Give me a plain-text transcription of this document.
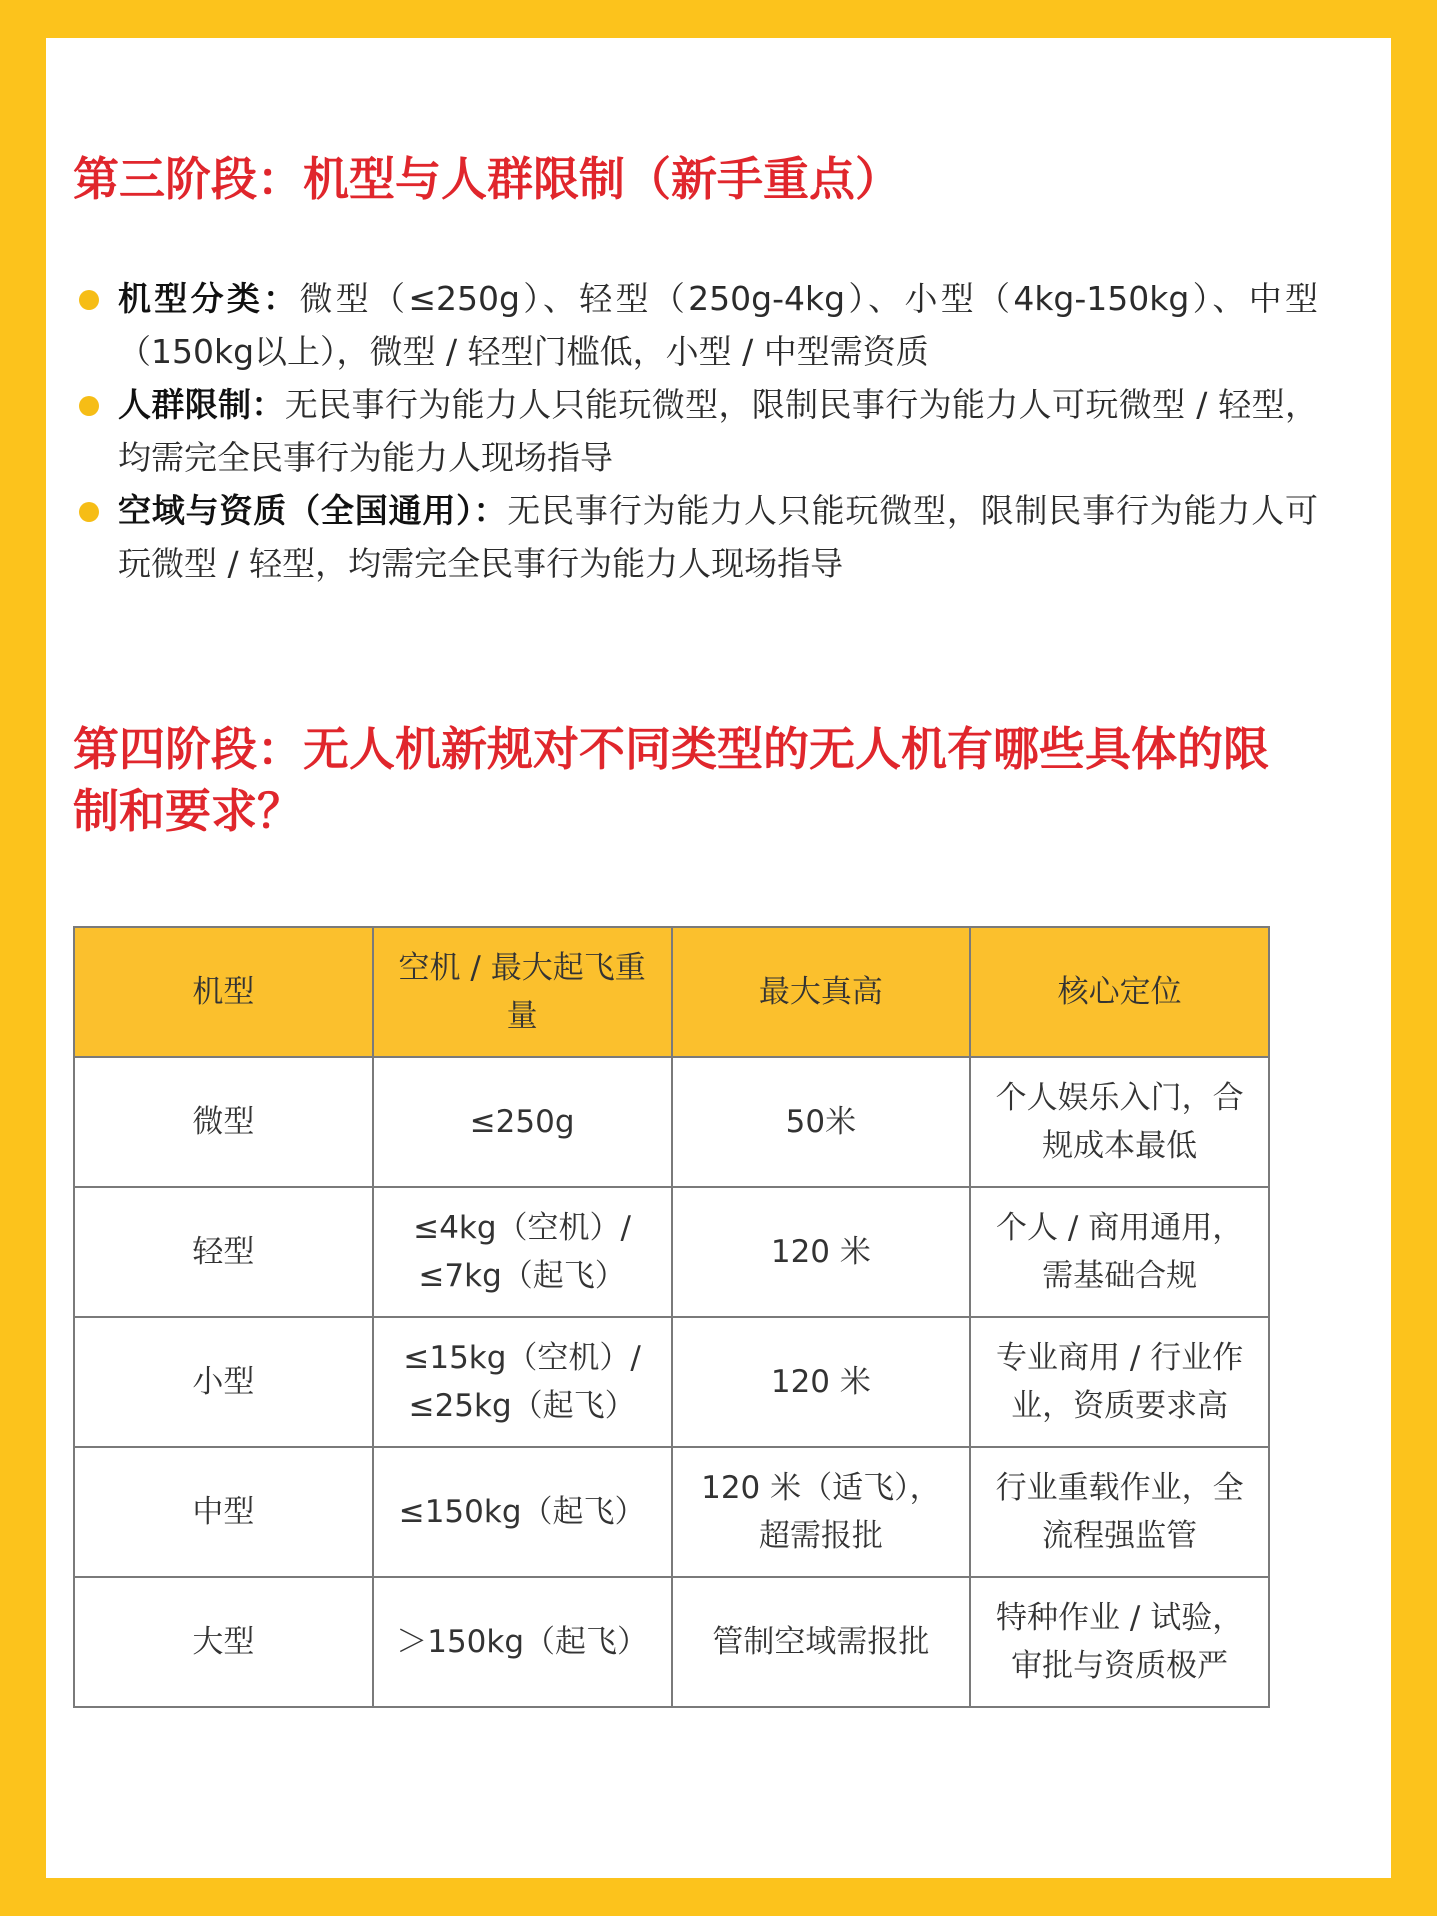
第三阶段：机型与人群限制（新手重点）
机型分类：微型（≤250g）、轻型（250g-4kg）、小型（4kg-150kg）、中型（150kg以上），微型 / 轻型门槛低，小型 / 中型需资质
人群限制：无民事行为能力人只能玩微型，限制民事行为能力人可玩微型 / 轻型，均需完全民事行为能力人现场指导
空域与资质（全国通用）：无民事行为能力人只能玩微型，限制民事行为能力人可玩微型 / 轻型，均需完全民事行为能力人现场指导
第四阶段：无人机新规对不同类型的无人机有哪些具体的限制和要求？
机型	空机 / 最大起飞重量	最大真高	核心定位
微型	≤250g	50米	个人娱乐入门，合规成本最低
轻型	≤4kg（空机）/ ≤7kg（起飞）	120 米	个人 / 商用通用，需基础合规
小型	≤15kg（空机）/ ≤25kg（起飞）	120 米	专业商用 / 行业作业，资质要求高
中型	≤150kg（起飞）	120 米（适飞），超需报批	行业重载作业，全流程强监管
大型	＞150kg（起飞）	管制空域需报批	特种作业 / 试验，审批与资质极严
